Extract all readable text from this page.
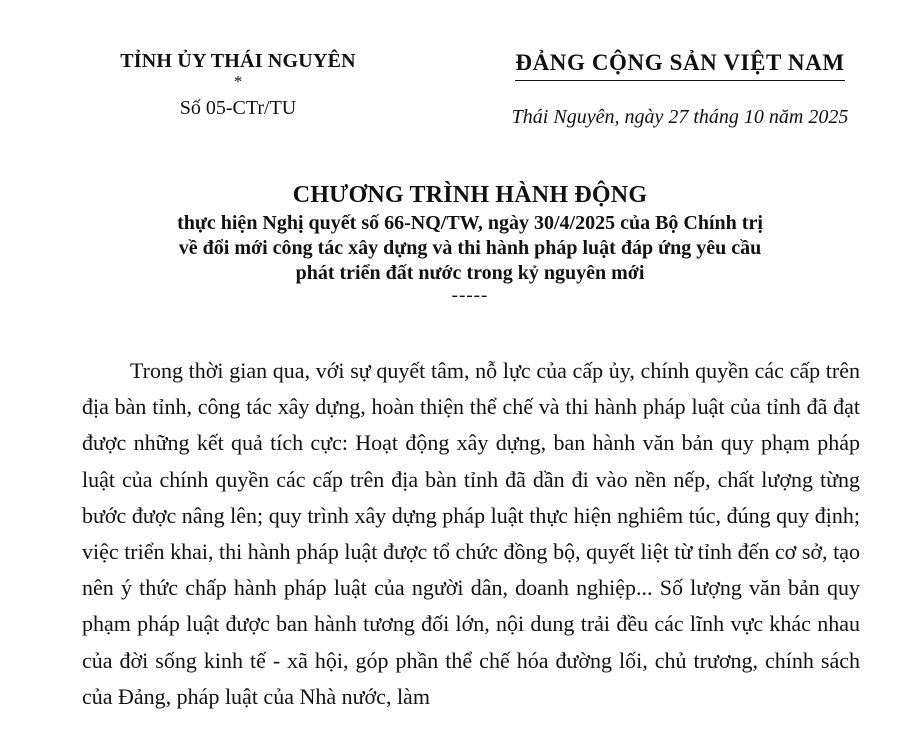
TỈNH ỦY THÁI NGUYÊN
*
Số 05-CTr/TU
ĐẢNG CỘNG SẢN VIỆT NAM
Thái Nguyên, ngày 27 tháng 10 năm 2025
CHƯƠNG TRÌNH HÀNH ĐỘNG
thực hiện Nghị quyết số 66-NQ/TW, ngày 30/4/2025 của Bộ Chính trị
về đổi mới công tác xây dựng và thi hành pháp luật đáp ứng yêu cầu
phát triển đất nước trong kỷ nguyên mới
-----

Trong thời gian qua, với sự quyết tâm, nỗ lực của cấp ủy, chính quyền các cấp trên địa bàn tỉnh, công tác xây dựng, hoàn thiện thể chế và thi hành pháp luật của tỉnh đã đạt được những kết quả tích cực: Hoạt động xây dựng, ban hành văn bản quy phạm pháp luật của chính quyền các cấp trên địa bàn tỉnh đã dần đi vào nền nếp, chất lượng từng bước được nâng lên; quy trình xây dựng pháp luật thực hiện nghiêm túc, đúng quy định; việc triển khai, thi hành pháp luật được tổ chức đồng bộ, quyết liệt từ tỉnh đến cơ sở, tạo nên ý thức chấp hành pháp luật của người dân, doanh nghiệp... Số lượng văn bản quy phạm pháp luật được ban hành tương đối lớn, nội dung trải đều các lĩnh vực khác nhau của đời sống kinh tế - xã hội, góp phần thể chế hóa đường lối, chủ trương, chính sách của Đảng, pháp luật của Nhà nước, làm
